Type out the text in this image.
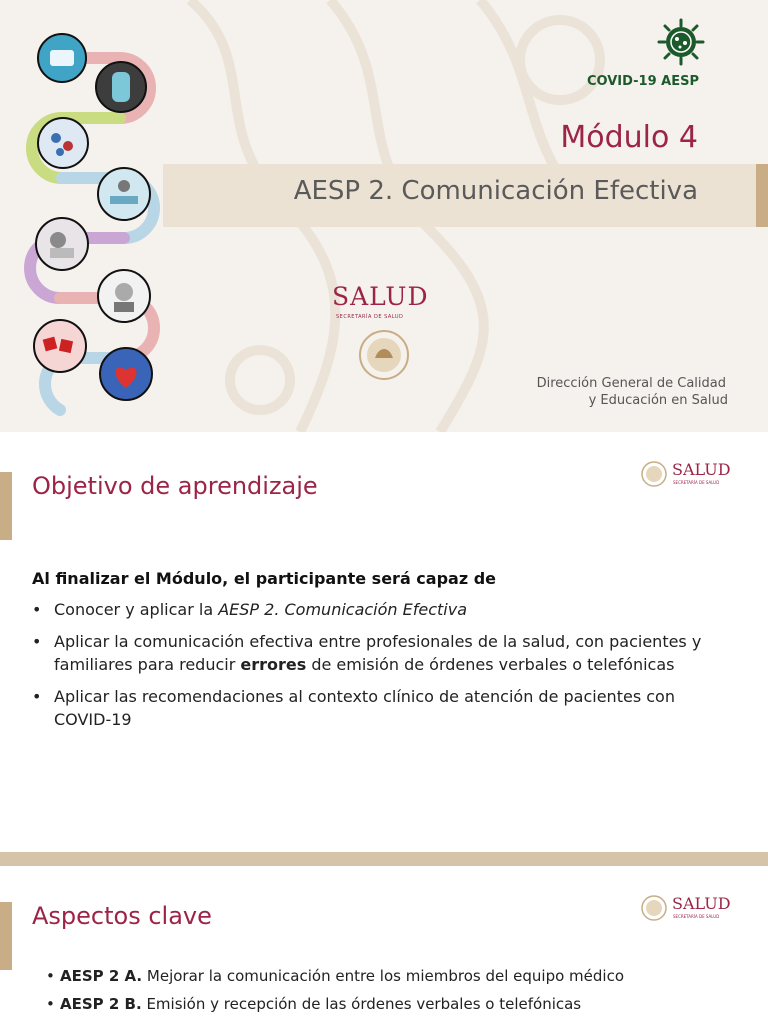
COVID-19 AESP
Módulo 4
AESP 2. Comunicación Efectiva
SALUD
SECRETARÍA DE SALUD
Dirección General de Calidad
y Educación en Salud
Objetivo de aprendizaje
SALUD
SECRETARÍA DE SALUD
Al finalizar el Módulo, el participante será capaz de
• Conocer y aplicar la AESP 2. Comunicación Efectiva
• Aplicar la comunicación efectiva entre profesionales de la salud, con pacientes y familiares para reducir errores de emisión de órdenes verbales o telefónicas
• Aplicar las recomendaciones al contexto clínico de atención de pacientes con COVID-19
Aspectos clave	SALUD
SECRETARÍA DE SALUD
• AESP 2 A. Mejorar la comunicación entre los miembros del equipo médico
• AESP 2 B. Emisión y recepción de las órdenes verbales o telefónicas
